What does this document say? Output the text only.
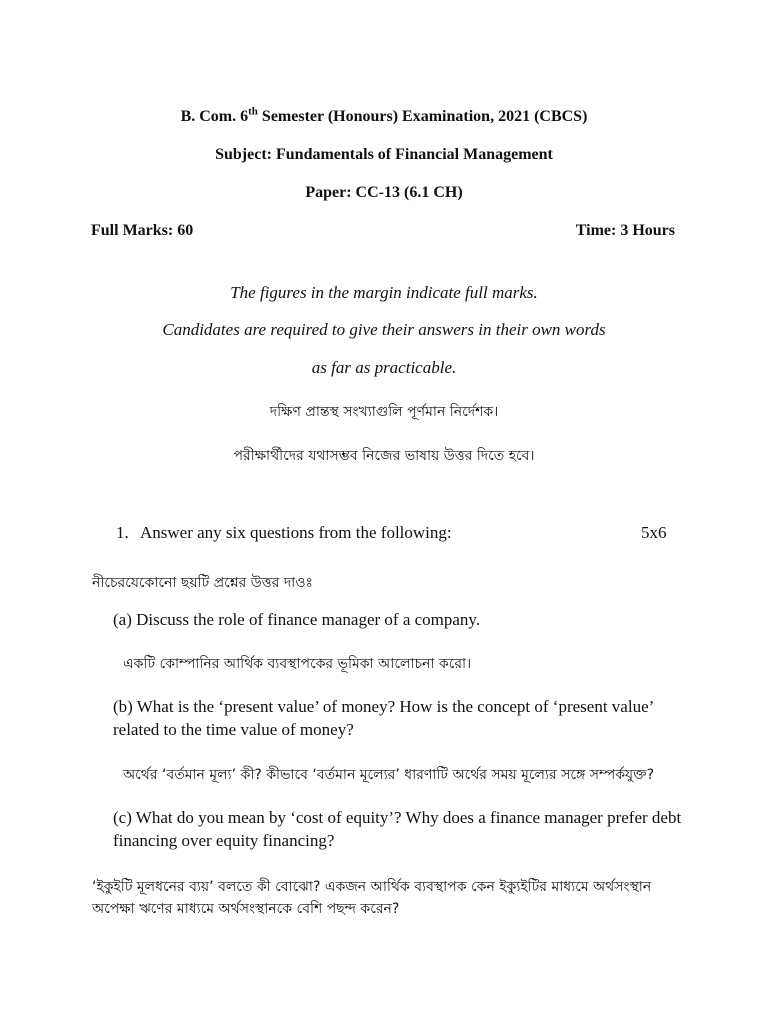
B. Com. 6th Semester (Honours) Examination, 2021 (CBCS)
Subject: Fundamentals of Financial Management
Paper: CC-13 (6.1 CH)
Full Marks: 60	Time: 3 Hours
The figures in the margin indicate full marks.
Candidates are required to give their answers in their own words
as far as practicable.
দক্ষিণ প্রান্তস্থ সংখ্যাগুলি পূর্ণমান নির্দেশক।
পরীক্ষার্থীদের যথাসম্ভব নিজের ভাষায় উত্তর দিতে হবে।
1. Answer any six questions from the following:	5x6
নীচেরযেকোনো ছয়টি প্রশ্নের উত্তর দাওঃ
(a) Discuss the role of finance manager of a company.
একটি কোম্পানির আর্থিক ব্যবস্থাপকের ভূমিকা আলোচনা করো।
(b) What is the ‘present value’ of money? How is the concept of ‘present value’ related to the time value of money?
অর্থের ‘বর্তমান মূল্য’ কী? কীভাবে ‘বর্তমান মূল্যের’ ধারণাটি অর্থের সময় মূল্যের সঙ্গে সম্পর্কযুক্ত?
(c) What do you mean by ‘cost of equity’? Why does a finance manager prefer debt financing over equity financing?
‘ইকুইটি মূলধনের ব্যয়’ বলতে কী বোঝো? একজন আর্থিক ব্যবস্থাপক কেন ইক্যুইটির মাধ্যমে অর্থসংস্থান অপেক্ষা ঋণের মাধ্যমে অর্থসংস্থানকে বেশি পছন্দ করেন?
